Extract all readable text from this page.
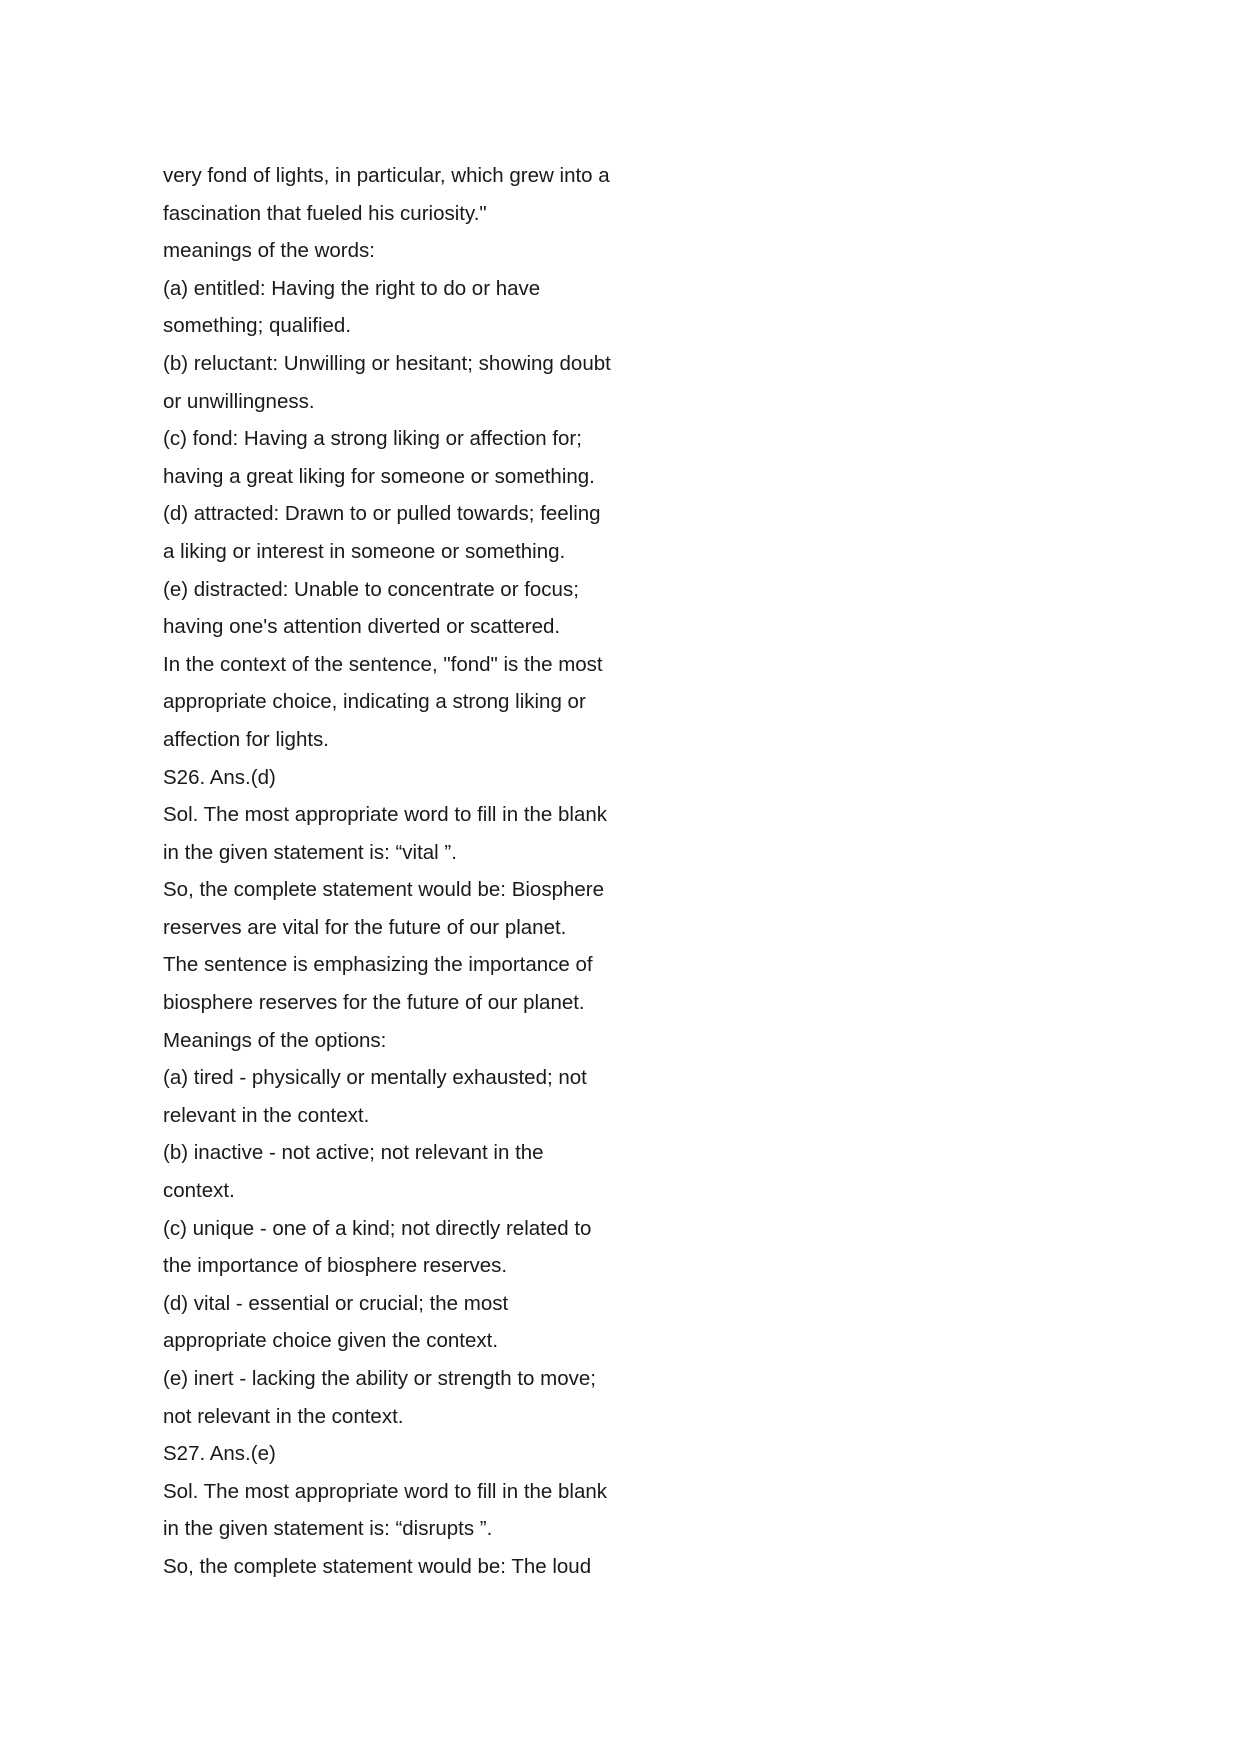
very fond of lights, in particular, which grew into a
fascination that fueled his curiosity."
meanings of the words:
(a) entitled: Having the right to do or have
something; qualified.
(b) reluctant: Unwilling or hesitant; showing doubt
or unwillingness.
(c) fond: Having a strong liking or affection for;
having a great liking for someone or something.
(d) attracted: Drawn to or pulled towards; feeling
a liking or interest in someone or something.
(e) distracted: Unable to concentrate or focus;
having one's attention diverted or scattered.
In the context of the sentence, "fond" is the most
appropriate choice, indicating a strong liking or
affection for lights.
S26. Ans.(d)
Sol. The most appropriate word to fill in the blank
in the given statement is: “vital ”.
So, the complete statement would be: Biosphere
reserves are vital for the future of our planet.
The sentence is emphasizing the importance of
biosphere reserves for the future of our planet.
Meanings of the options:
(a) tired - physically or mentally exhausted; not
relevant in the context.
(b) inactive - not active; not relevant in the
context.
(c) unique - one of a kind; not directly related to
the importance of biosphere reserves.
(d) vital - essential or crucial; the most
appropriate choice given the context.
(e) inert - lacking the ability or strength to move;
not relevant in the context.
S27. Ans.(e)
Sol. The most appropriate word to fill in the blank
in the given statement is: “disrupts ”.
So, the complete statement would be: The loud
